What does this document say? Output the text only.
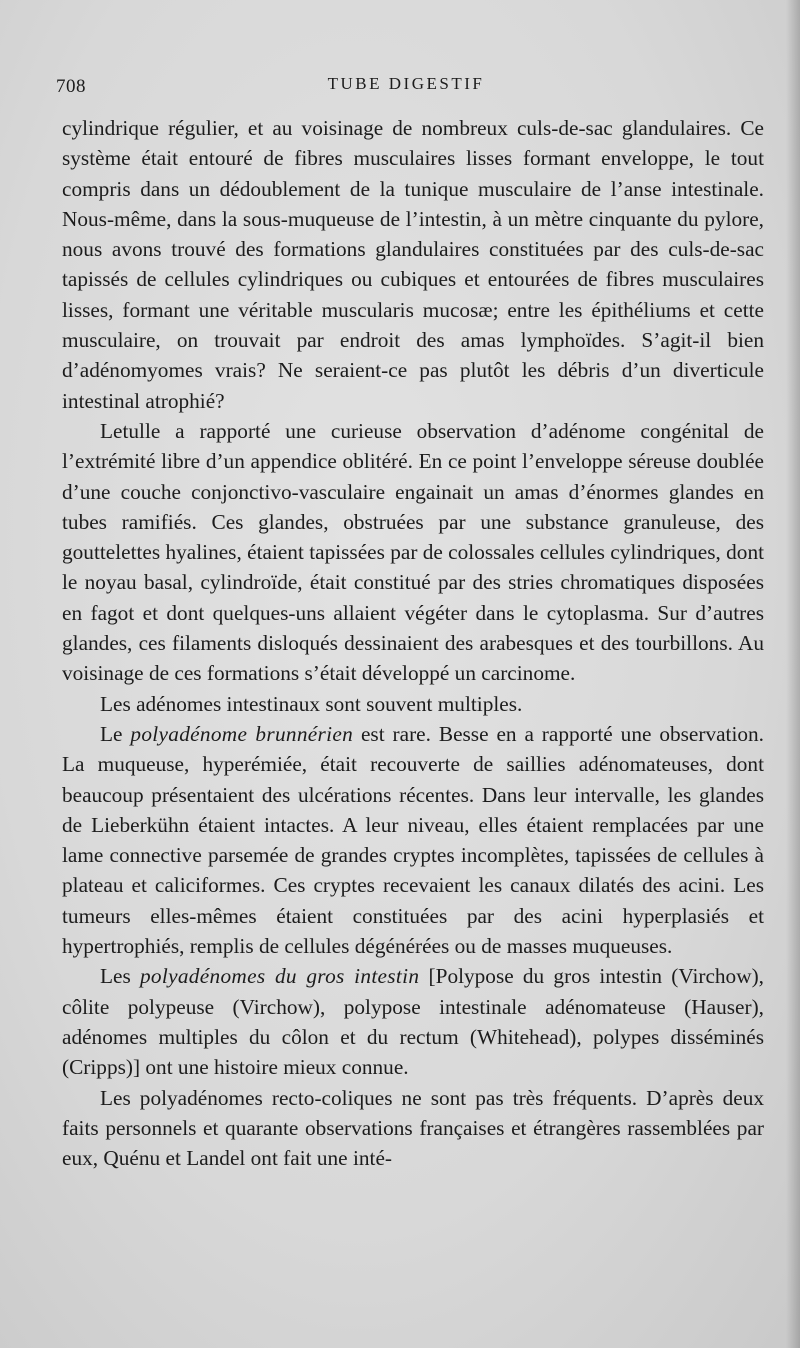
708	TUBE DIGESTIF

cylindrique régulier, et au voisinage de nombreux culs-de-sac glandulaires. Ce système était entouré de fibres musculaires lisses formant enveloppe, le tout compris dans un dédoublement de la tunique musculaire de l’anse intestinale. Nous-même, dans la sous-muqueuse de l’intestin, à un mètre cinquante du pylore, nous avons trouvé des formations glandulaires constituées par des culs-de-sac tapissés de cellules cylindriques ou cubiques et entourées de fibres musculaires lisses, formant une véritable muscularis mucosæ; entre les épithéliums et cette musculaire, on trouvait par endroit des amas lymphoïdes. S’agit-il bien d’adénomyomes vrais? Ne seraient-ce pas plutôt les débris d’un diverticule intestinal atrophié?

Letulle a rapporté une curieuse observation d’adénome congénital de l’extrémité libre d’un appendice oblitéré. En ce point l’enveloppe séreuse doublée d’une couche conjonctivo-vasculaire engainait un amas d’énormes glandes en tubes ramifiés. Ces glandes, obstruées par une substance granuleuse, des gouttelettes hyalines, étaient tapissées par de colossales cellules cylindriques, dont le noyau basal, cylindroïde, était constitué par des stries chromatiques disposées en fagot et dont quelques-uns allaient végéter dans le cytoplasma. Sur d’autres glandes, ces filaments disloqués dessinaient des arabesques et des tourbillons. Au voisinage de ces formations s’était développé un carcinome.

Les adénomes intestinaux sont souvent multiples.

Le polyadénome brunnérien est rare. Besse en a rapporté une observation. La muqueuse, hyperémiée, était recouverte de saillies adénomateuses, dont beaucoup présentaient des ulcérations récentes. Dans leur intervalle, les glandes de Lieberkühn étaient intactes. A leur niveau, elles étaient remplacées par une lame connective parsemée de grandes cryptes incomplètes, tapissées de cellules à plateau et caliciformes. Ces cryptes recevaient les canaux dilatés des acini. Les tumeurs elles-mêmes étaient constituées par des acini hyperplasiés et hypertrophiés, remplis de cellules dégénérées ou de masses muqueuses.

Les polyadénomes du gros intestin [Polypose du gros intestin (Virchow), côlite polypeuse (Virchow), polypose intestinale adénomateuse (Hauser), adénomes multiples du côlon et du rectum (Whitehead), polypes disséminés (Cripps)] ont une histoire mieux connue.

Les polyadénomes recto-coliques ne sont pas très fréquents. D’après deux faits personnels et quarante observations françaises et étrangères rassemblées par eux, Quénu et Landel ont fait une inté-
